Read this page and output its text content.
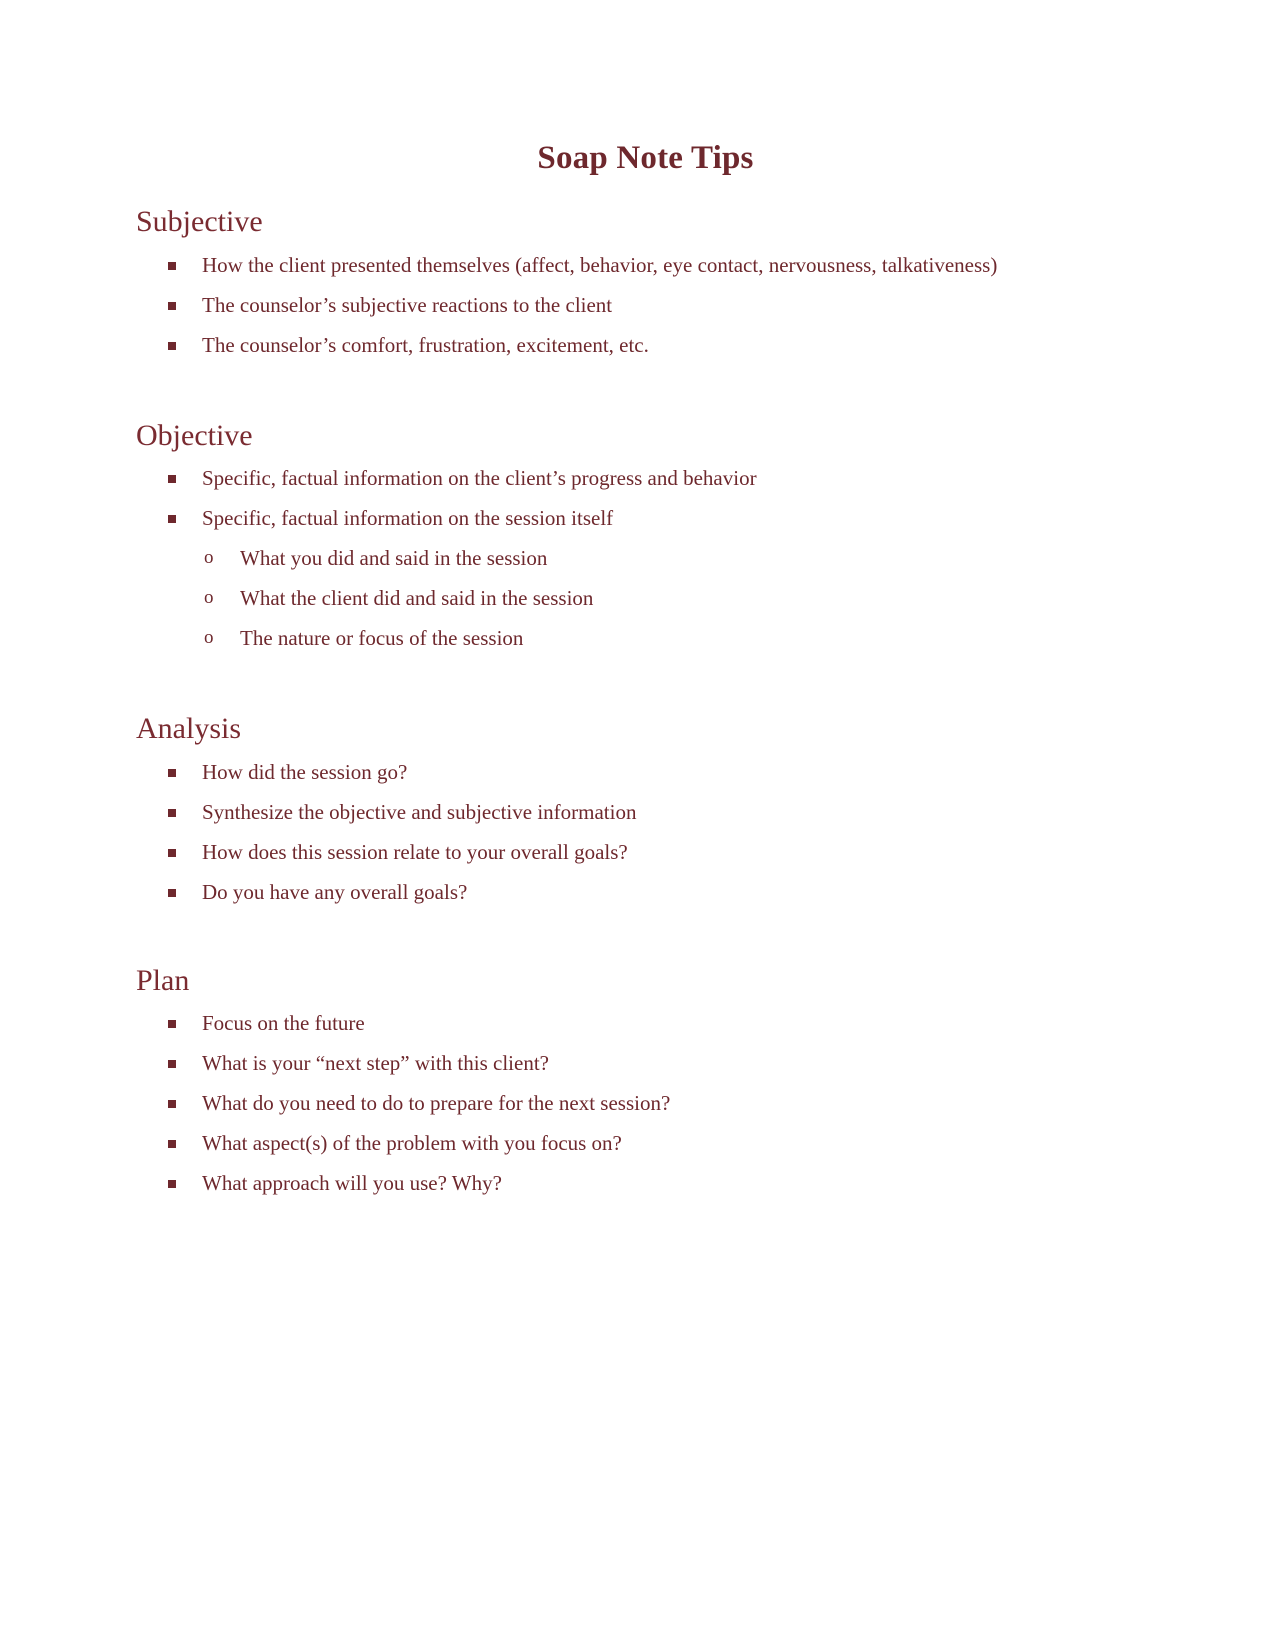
Soap Note Tips
Subjective
How the client presented themselves (affect, behavior, eye contact, nervousness, talkativeness)
The counselor’s subjective reactions to the client
The counselor’s comfort, frustration, excitement, etc.
Objective
Specific, factual information on the client’s progress and behavior
Specific, factual information on the session itself
o What you did and said in the session
o What the client did and said in the session
o The nature or focus of the session
Analysis
How did the session go?
Synthesize the objective and subjective information
How does this session relate to your overall goals?
Do you have any overall goals?
Plan
Focus on the future
What is your “next step” with this client?
What do you need to do to prepare for the next session?
What aspect(s) of the problem with you focus on?
What approach will you use? Why?
